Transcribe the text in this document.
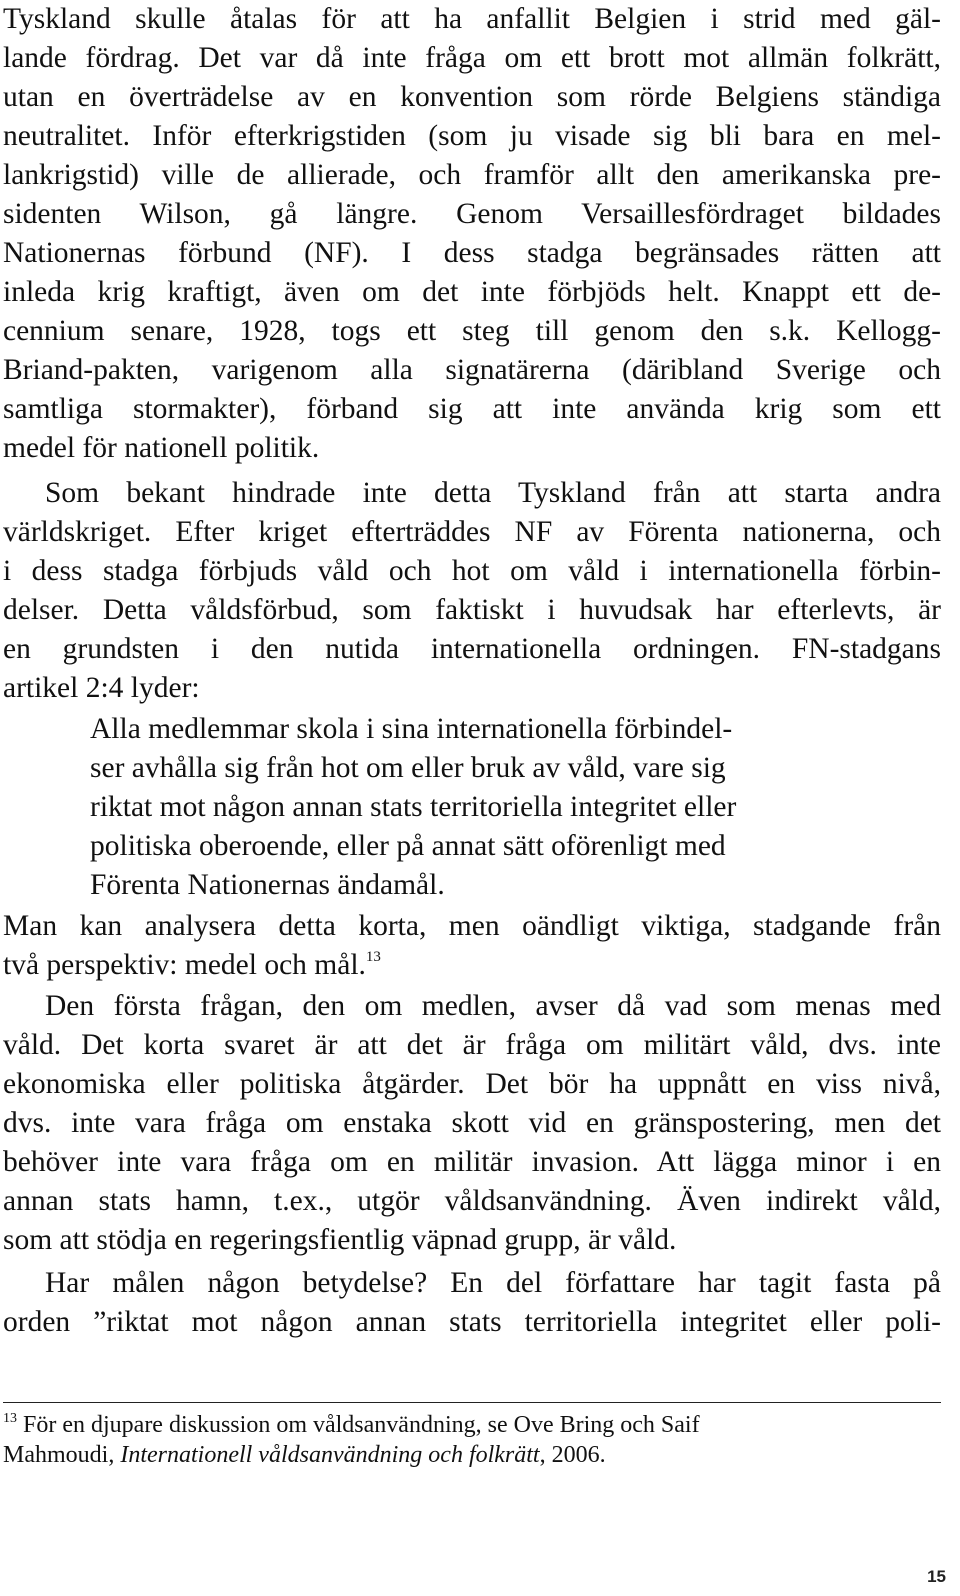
Tyskland skulle åtalas för att ha anfallit Belgien i strid med gäl-
lande fördrag. Det var då inte fråga om ett brott mot allmän folkrätt,
utan en överträdelse av en konvention som rörde Belgiens ständiga
neutralitet. Inför efterkrigstiden (som ju visade sig bli bara en mel-
lankrigstid) ville de allierade, och framför allt den amerikanska pre-
sidenten Wilson, gå längre. Genom Versaillesfördraget bildades
Nationernas förbund (NF). I dess stadga begränsades rätten att
inleda krig kraftigt, även om det inte förbjöds helt. Knappt ett de-
cennium senare, 1928, togs ett steg till genom den s.k. Kellogg-
Briand-pakten, varigenom alla signatärerna (däribland Sverige och
samtliga stormakter), förband sig att inte använda krig som ett
medel för nationell politik.
Som bekant hindrade inte detta Tyskland från att starta andra
världskriget. Efter kriget efterträddes NF av Förenta nationerna, och
i dess stadga förbjuds våld och hot om våld i internationella förbin-
delser. Detta våldsförbud, som faktiskt i huvudsak har efterlevts, är
en grundsten i den nutida internationella ordningen. FN-stadgans
artikel 2:4 lyder:
Alla medlemmar skola i sina internationella förbindel-
ser avhålla sig från hot om eller bruk av våld, vare sig
riktat mot någon annan stats territoriella integritet eller
politiska oberoende, eller på annat sätt oförenligt med
Förenta Nationernas ändamål.
Man kan analysera detta korta, men oändligt viktiga, stadgande från
två perspektiv: medel och mål.$^{13}$
Den första frågan, den om medlen, avser då vad som menas med
våld. Det korta svaret är att det är fråga om militärt våld, dvs. inte
ekonomiska eller politiska åtgärder. Det bör ha uppnått en viss nivå,
dvs. inte vara fråga om enstaka skott vid en gränspostering, men det
behöver inte vara fråga om en militär invasion. Att lägga minor i en
annan stats hamn, t.ex., utgör våldsanvändning. Även indirekt våld,
som att stödja en regeringsfientlig väpnad grupp, är våld.
Har målen någon betydelse? En del författare har tagit fasta på
orden ”riktat mot någon annan stats territoriella integritet eller poli-
$^{13}$ För en djupare diskussion om våldsanvändning, se Ove Bring och Saif
Mahmoudi, Internationell våldsanvändning och folkrätt, 2006.
15
